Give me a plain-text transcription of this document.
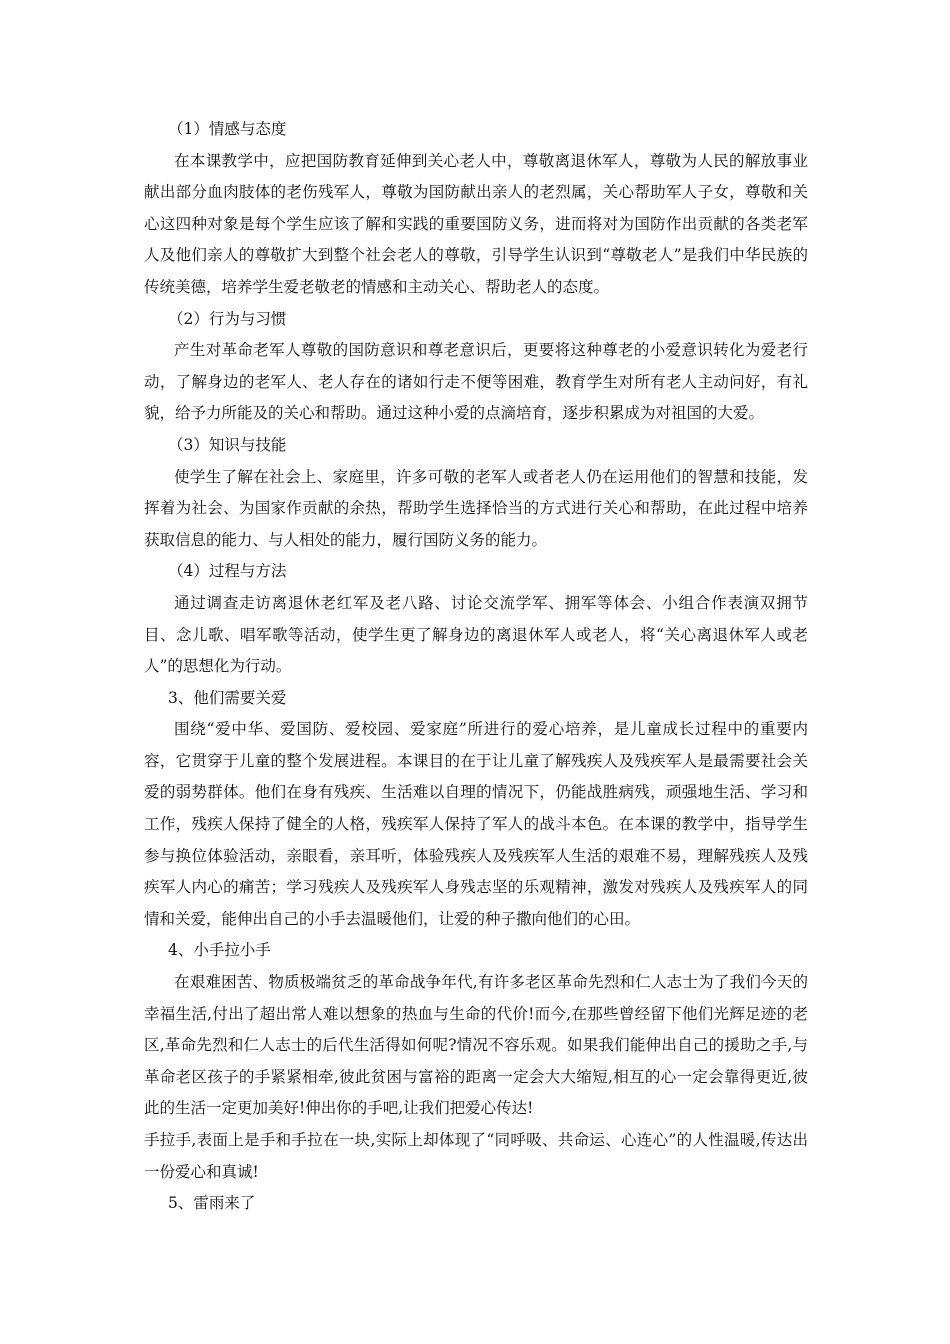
（1）情感与态度

在本课教学中，应把国防教育延伸到关心老人中，尊敬离退休军人，尊敬为人民的解放事业献出部分血肉肢体的老伤残军人，尊敬为国防献出亲人的老烈属，关心帮助军人子女，尊敬和关心这四种对象是每个学生应该了解和实践的重要国防义务，进而将对为国防作出贡献的各类老军人及他们亲人的尊敬扩大到整个社会老人的尊敬，引导学生认识到“尊敬老人”是我们中华民族的传统美德，培养学生爱老敬老的情感和主动关心、帮助老人的态度。

（2）行为与习惯

产生对革命老军人尊敬的国防意识和尊老意识后，更要将这种尊老的小爱意识转化为爱老行动，了解身边的老军人、老人存在的诸如行走不便等困难，教育学生对所有老人主动问好，有礼貌，给予力所能及的关心和帮助。通过这种小爱的点滴培育，逐步积累成为对祖国的大爱。

（3）知识与技能

使学生了解在社会上、家庭里，许多可敬的老军人或者老人仍在运用他们的智慧和技能，发挥着为社会、为国家作贡献的余热，帮助学生选择恰当的方式进行关心和帮助，在此过程中培养获取信息的能力、与人相处的能力，履行国防义务的能力。

（4）过程与方法

通过调查走访离退休老红军及老八路、讨论交流学军、拥军等体会、小组合作表演双拥节目、念儿歌、唱军歌等活动，使学生更了解身边的离退休军人或老人，将“关心离退休军人或老人”的思想化为行动。

3、他们需要关爱

围绕“爱中华、爱国防、爱校园、爱家庭”所进行的爱心培养，是儿童成长过程中的重要内容，它贯穿于儿童的整个发展进程。本课目的在于让儿童了解残疾人及残疾军人是最需要社会关爱的弱势群体。他们在身有残疾、生活难以自理的情况下，仍能战胜病残，顽强地生活、学习和工作，残疾人保持了健全的人格，残疾军人保持了军人的战斗本色。在本课的教学中，指导学生参与换位体验活动，亲眼看，亲耳听，体验残疾人及残疾军人生活的艰难不易，理解残疾人及残疾军人内心的痛苦；学习残疾人及残疾军人身残志坚的乐观精神，激发对残疾人及残疾军人的同情和关爱，能伸出自己的小手去温暖他们，让爱的种子撒向他们的心田。

4、小手拉小手

在艰难困苦、物质极端贫乏的革命战争年代,有许多老区革命先烈和仁人志士为了我们今天的幸福生活,付出了超出常人难以想象的热血与生命的代价!而今,在那些曾经留下他们光辉足迹的老区,革命先烈和仁人志士的后代生活得如何呢?情况不容乐观。如果我们能伸出自己的援助之手,与革命老区孩子的手紧紧相牵,彼此贫困与富裕的距离一定会大大缩短,相互的心一定会靠得更近,彼此的生活一定更加美好!伸出你的手吧,让我们把爱心传达!

手拉手,表面上是手和手拉在一块,实际上却体现了“同呼吸、共命运、心连心”的人性温暖,传达出一份爱心和真诚!

5、雷雨来了
